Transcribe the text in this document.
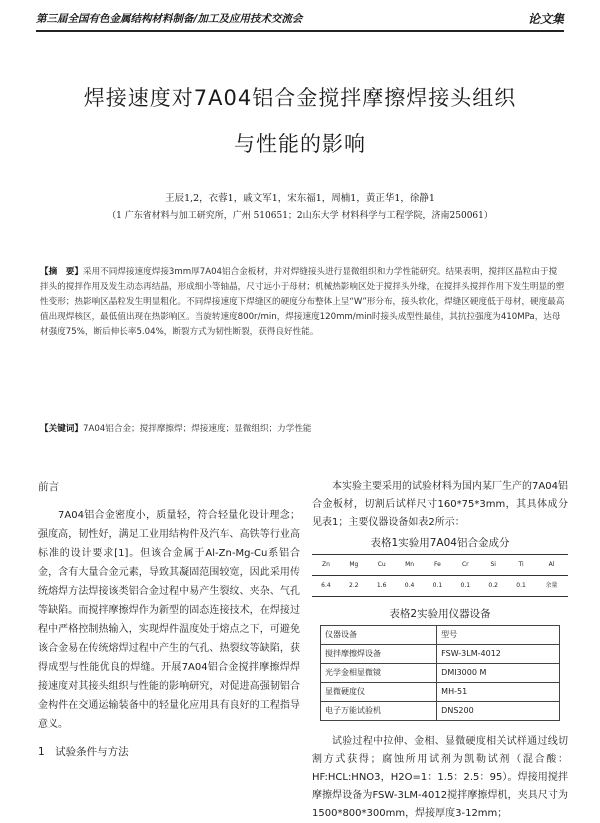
第三届全国有色金属结构材料制备/加工及应用技术交流会	论文集
焊接速度对7A04铝合金搅拌摩擦焊接头组织
与性能的影响
王辰1,2，衣蓉1，戚文军1，宋东福1，周楠1，黄正华1，徐静1
（1 广东省材料与加工研究所，广州 510651；2山东大学 材料科学与工程学院，济南250061）
【摘　要】采用不同焊接速度焊接3mm厚7A04铝合金板材，并对焊缝接头进行显微组织和力学性能研究。结果表明，搅拌区晶粒由于搅拌头的搅拌作用及发生动态再结晶，形成细小等轴晶，尺寸远小于母材；机械热影响区处于搅拌头外缘，在搅拌头搅拌作用下发生明显的塑性变形；热影响区晶粒发生明显粗化。不同焊接速度下焊缝区的硬度分布整体上呈“W”形分布，接头软化，焊缝区硬度低于母材，硬度最高值出现焊核区，最低值出现在热影响区。当旋转速度800r/min，焊接速度120mm/min时接头成型性最佳，其抗拉强度为410MPa，达母材强度75%，断后伸长率5.04%，断裂方式为韧性断裂，获得良好性能。
【关键词】7A04铝合金；搅拌摩擦焊；焊接速度；显微组织；力学性能
前言

7A04铝合金密度小，质量轻，符合轻量化设计理念；强度高，韧性好，满足工业用结构件及汽车、高铁等行业高标准的设计要求[1]。但该合金属于Al-Zn-Mg-Cu系铝合金，含有大量合金元素，导致其凝固范围较宽，因此采用传统熔焊方法焊接该类铝合金过程中易产生裂纹、夹杂、气孔等缺陷。而搅拌摩擦焊作为新型的固态连接技术，在焊接过程中严格控制热输入，实现焊件温度处于熔点之下，可避免该合金易在传统熔焊过程中产生的气孔、热裂纹等缺陷，获得成型与性能优良的焊缝。开展7A04铝合金搅拌摩擦焊焊接速度对其接头组织与性能的影响研究，对促进高强韧铝合金构件在交通运输装备中的轻量化应用具有良好的工程指导意义。

1　试验条件与方法

本实验主要采用的试验材料为国内某厂生产的7A04铝合金板材，切割后试样尺寸160*75*3mm，其具体成分见表1；主要仪器设备如表2所示：

表格1实验用7A04铝合金成分
Zn	Mg	Cu	Mn	Fe	Cr	Si	Ti	Al
6.4	2.2	1.6	0.4	0.1	0.1	0.2	0.1	余量
表格2实验用仪器设备
仪器设备	型号
搅拌摩擦焊设备	FSW-3LM-4012
光学金相显微镜	DMI3000 M
显微硬度仪	MH-51
电子万能试验机	DNS200

试验过程中拉伸、金相、显微硬度相关试样通过线切割方式获得；腐蚀所用试剂为凯勒试剂（混合酸：HF:HCL:HNO3，H2O=1：1.5：2.5：95）。焊接用搅拌摩擦焊设备为FSW-3LM-4012搅拌摩擦焊机，夹具尺寸为1500*800*300mm，焊接厚度3-12mm；
